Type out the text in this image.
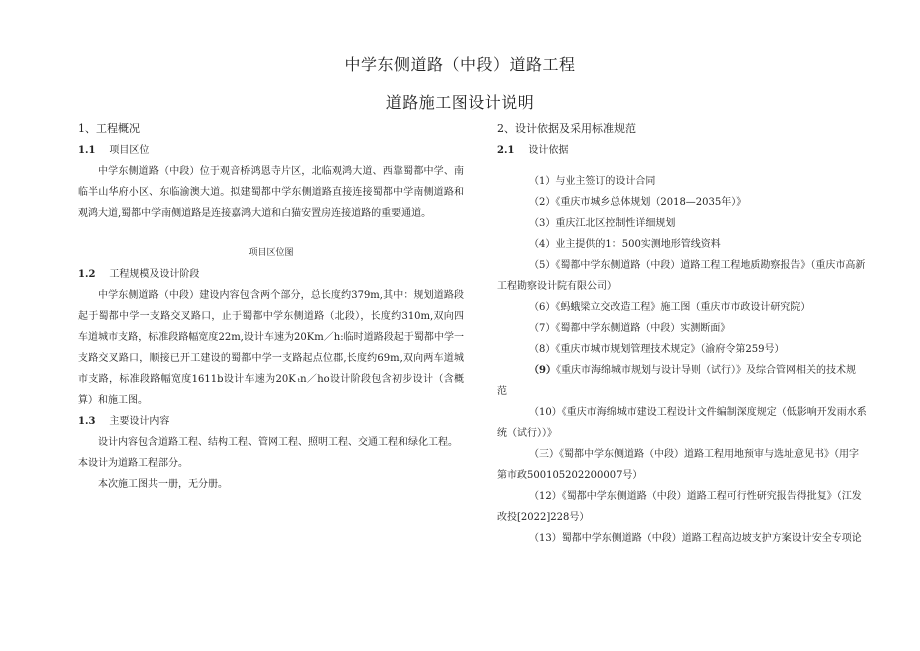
中学东侧道路（中段）道路工程
道路施工图设计说明
1、工程概况
1.1 项目区位
中学东侧道路（中段）位于观音桥鸿恩寺片区，北临观鸿大道、西靠蜀都中学、南临半山华府小区、东临渝澳大道。拟建蜀都中学东侧道路直接连接蜀都中学南侧道路和观鸿大道,蜀都中学南侧道路是连接嘉鸿大道和白猫安置房连接道路的重要通道。
项目区位图
1.2 工程规模及设计阶段
中学东侧道路（中段）建设内容包含两个部分，总长度约379m,其中：规划道路段起于蜀都中学一支路交叉路口，止于蜀都中学东侧道路（北段），长度约310m,双向四车道城市支路，标准段路幅宽度22m,设计车速为20Km／h:临时道路段起于蜀都中学一支路交叉路口，顺接已开工建设的蜀都中学一支路起点位郡,长度约69m,双向两车道城市支路，标准段路幅宽度1611b设计车速为20K ₜn／ho设计阶段包含初步设计（含概算）和施工图。
1.3 主要设计内容
设计内容包含道路工程、结构工程、管网工程、照明工程、交通工程和绿化工程。
本设计为道路工程部分。
本次施工图共一册，无分册。
2、设计依据及采用标准规范
2.1 设计依据
（1）与业主签订的设计合同
（2）《重庆市城乡总体规划（2018—2035年）》
（3）重庆江北区控制性详细规划
（4）业主提供的1：500实测地形管线资料
（5）《蜀都中学东侧道路（中段）道路工程工程地质勘察报告》（重庆市高新
工程勘察设计院有限公司）
（6）《蚂蛾梁立交改造工程》施工图（重庆市市政设计研究院）
（7）《蜀都中学东侧道路（中段）实测断面》
（8）《重庆市城市规划管理技术规定》（渝府令第259号）
（9）《重庆市海绵城市规划与设计导则（试行）》及综合管网相关的技术规
范
（10）《重庆市海绵城市建设工程设计文件编制深度规定（低影响开发雨水系
统（试行））》
（三）《蜀都中学东侧道路（中段）道路工程用地预审与选址意见书》（用字
第市政500105202200007号）
（12）《蜀都中学东侧道路（中段）道路工程可行性研究报告得批复》（江发
改投[2022]228号）
（13）蜀都中学东侧道路（中段）道路工程高边坡支护方案设计安全专项论
